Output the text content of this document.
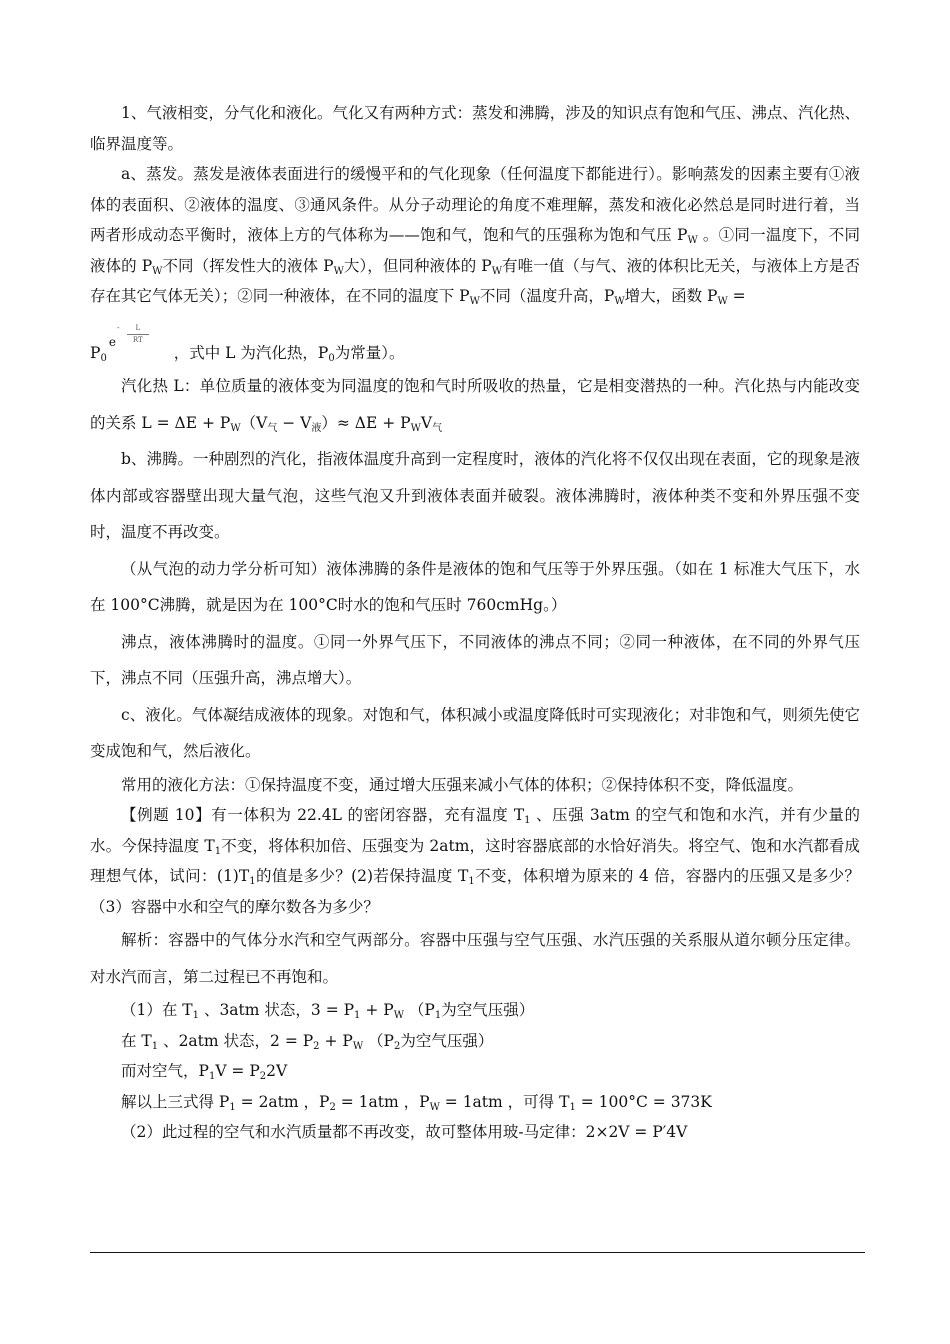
1、气液相变，分气化和液化。气化又有两种方式：蒸发和沸腾，涉及的知识点有饱和气压、沸点、汽化热、临界温度等。

a、蒸发。蒸发是液体表面进行的缓慢平和的气化现象（任何温度下都能进行）。影响蒸发的因素主要有①液体的表面积、②液体的温度、③通风条件。从分子动理论的角度不难理解，蒸发和液化必然总是同时进行着，当两者形成动态平衡时，液体上方的气体称为——饱和气，饱和气的压强称为饱和气压 $P_W$ 。①同一温度下，不同液体的 $P_W$不同（挥发性大的液体 $P_W$大），但同种液体的 $P_W$有唯一值（与气、液的体积比无关，与液体上方是否存在其它气体无关）；②同一种液体，在不同的温度下 $P_W$不同（温度升高，$P_W$增大，函数 $P_W$ =

$P_0$
e
-	L
RT
，式中 L 为汽化热，$P_0$为常量）。

汽化热 L：单位质量的液体变为同温度的饱和气时所吸收的热量，它是相变潜热的一种。汽化热与内能改变的关系 $L = \Delta E + P_W(V_气 - V_液)\approx \Delta E + P_WV_气$

b、沸腾。一种剧烈的汽化，指液体温度升高到一定程度时，液体的汽化将不仅仅出现在表面，它的现象是液体内部或容器壁出现大量气泡，这些气泡又升到液体表面并破裂。液体沸腾时，液体种类不变和外界压强不变时，温度不再改变。

（从气泡的动力学分析可知）液体沸腾的条件是液体的饱和气压等于外界压强。（如在 1 标准大气压下，水在 100°C沸腾，就是因为在 100°C时水的饱和气压时 760cmHg。）

沸点，液体沸腾时的温度。①同一外界气压下，不同液体的沸点不同；②同一种液体，在不同的外界气压下，沸点不同（压强升高，沸点增大）。

c、液化。气体凝结成液体的现象。对饱和气，体积减小或温度降低时可实现液化；对非饱和气，则须先使它变成饱和气，然后液化。

常用的液化方法：①保持温度不变，通过增大压强来减小气体的体积；②保持体积不变，降低温度。

【例题 10】有一体积为 22.4L 的密闭容器，充有温度 $T_1$ 、压强 3atm 的空气和饱和水汽，并有少量的水。今保持温度 $T_1$不变，将体积加倍、压强变为 2atm，这时容器底部的水恰好消失。将空气、饱和水汽都看成理想气体，试问：$(1)T_1$的值是多少？(2)若保持温度 $T_1$不变，体积增为原来的 4 倍，容器内的压强又是多少？（3）容器中水和空气的摩尔数各为多少？

解析：容器中的气体分水汽和空气两部分。容器中压强与空气压强、水汽压强的关系服从道尔顿分压定律。对水汽而言，第二过程已不再饱和。

（1）在 $T_1$ 、3atm 状态，$3 = P_1 + P_W$ （$P_1$为空气压强）

在 $T_1$ 、2atm 状态，$2 = P_2 + P_W$ （$P_2$为空气压强）

而对空气，$P_1V = P_22V$

解以上三式得 $P_1 = 2atm$ ，$P_2 = 1atm$ ，$P_W = 1atm$ ，可得 $T_1 = 100^\circ C = 373K$

（2）此过程的空气和水汽质量都不再改变，故可整体用玻-马定律：2×2V = P′4V
